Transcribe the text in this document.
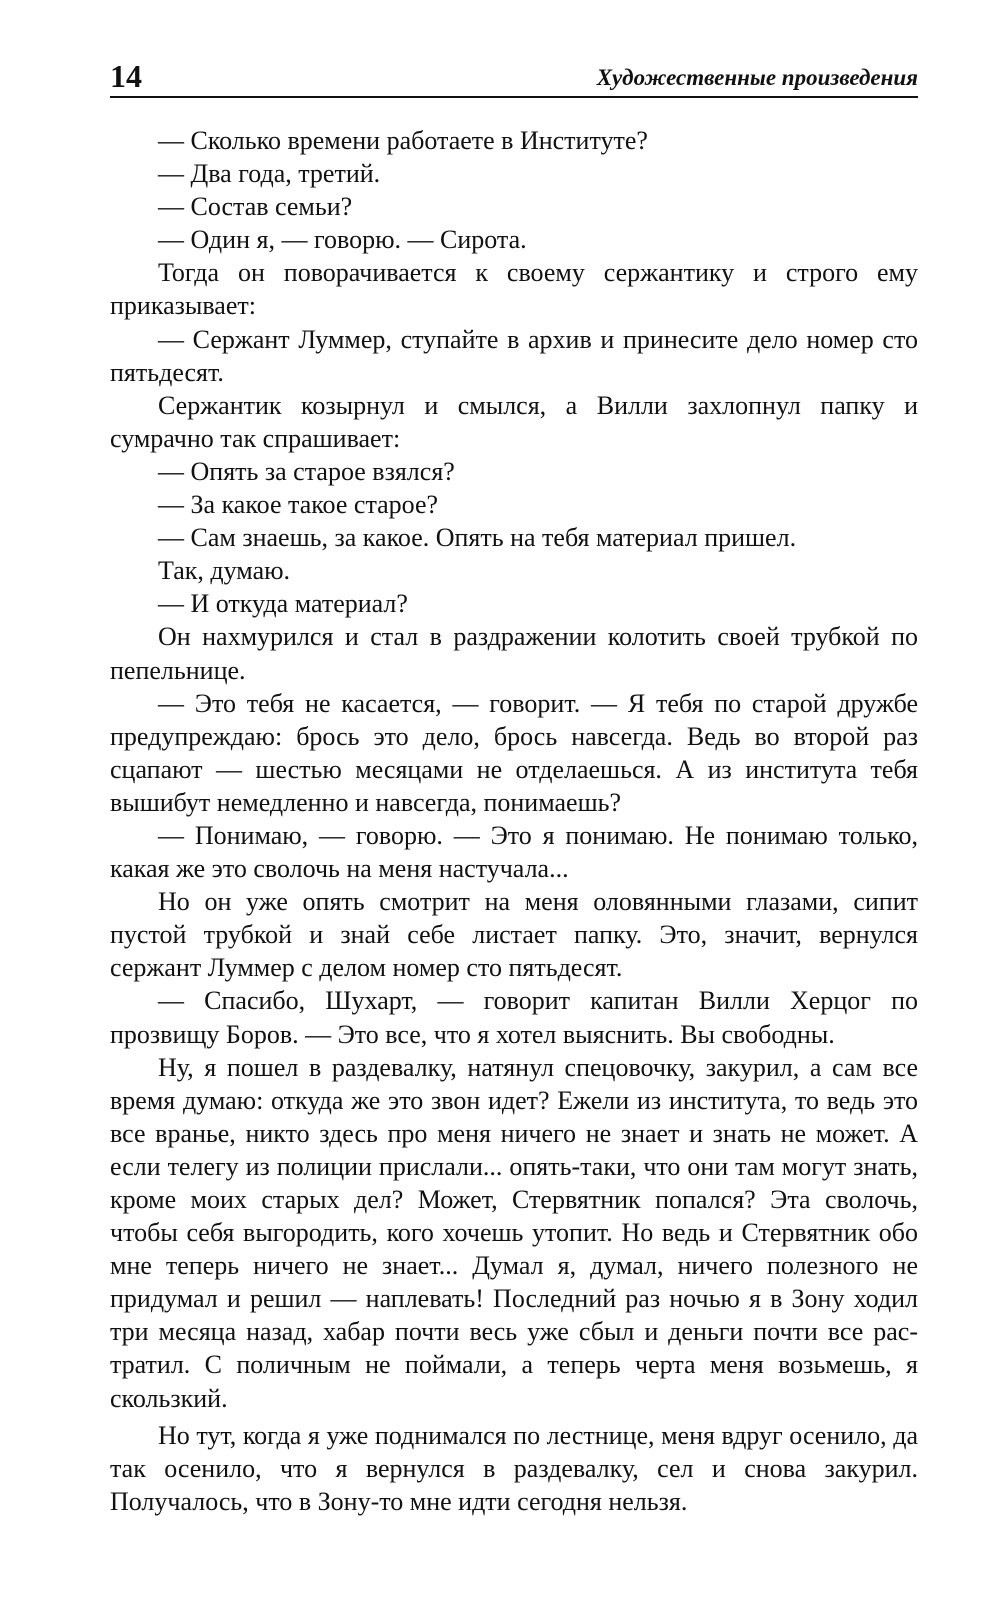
14	Художественные произведения

— Сколько времени работаете в Институте?

— Два года, третий.

— Состав семьи?

— Один я, — говорю. — Сирота.

Тогда он поворачивается к своему сержантику и строго ему приказывает:

— Сержант Луммер, ступайте в архив и принесите дело номер сто пятьдесят.

Сержантик козырнул и смылся, а Вилли захлопнул папку и сумрачно так спрашивает:

— Опять за старое взялся?

— За какое такое старое?

— Сам знаешь, за какое. Опять на тебя материал пришел.

Так, думаю.

— И откуда материал?

Он нахмурился и стал в раздражении колотить своей трубкой по пепельнице.

— Это тебя не касается, — говорит. — Я тебя по старой дружбе предупреждаю: брось это дело, брось навсегда. Ведь во второй раз сцапают — шестью месяцами не отделаешься. А из института тебя вышибут немедленно и навсегда, понимаешь?

— Понимаю, — говорю. — Это я понимаю. Не понимаю только, какая же это сволочь на меня настучала...

Но он уже опять смотрит на меня оловянными глазами, сипит пустой трубкой и знай себе листает папку. Это, значит, вернулся сержант Луммер с делом номер сто пятьдесят.

— Спасибо, Шухарт, — говорит капитан Вилли Херцог по прозвищу Боров. — Это все, что я хотел выяснить. Вы свободны.

Ну, я пошел в раздевалку, натянул спецовочку, закурил, а сам все время думаю: откуда же это звон идет? Ежели из института, то ведь это все вранье, никто здесь про меня ничего не знает и знать не может. А если телегу из полиции прислали... опять-таки, что они там могут знать, кроме моих старых дел? Может, Стервятник попался? Эта сволочь, чтобы себя выгородить, кого хочешь утопит. Но ведь и Стервятник обо мне теперь ничего не знает... Думал я, думал, ничего полезного не придумал и решил — наплевать! Последний раз ночью я в Зону ходил три месяца назад, хабар почти весь уже сбыл и деньги почти все растратил. С поличным не поймали, а теперь черта меня возьмешь, я скользкий.

Но тут, когда я уже поднимался по лестнице, меня вдруг осенило, да так осенило, что я вернулся в раздевалку, сел и снова закурил. Получалось, что в Зону-то мне идти сегодня нельзя.
